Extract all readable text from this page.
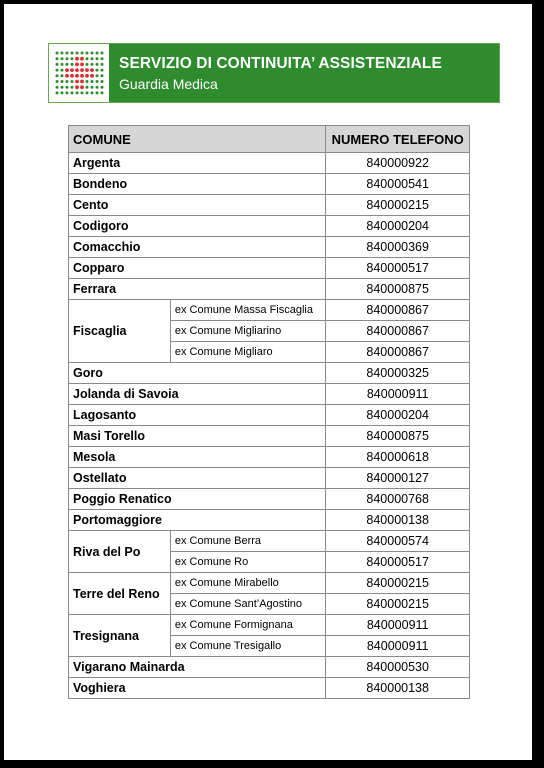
SERVIZIO DI CONTINUITA’ ASSISTENZIALE
Guardia Medica
COMUNE		NUMERO TELEFONO
Argenta		840000922
Bondeno		840000541
Cento		840000215
Codigoro		840000204
Comacchio		840000369
Copparo		840000517
Ferrara		840000875
Fiscaglia	ex Comune Massa Fiscaglia	840000867
	ex Comune Migliarino	840000867
	ex Comune Migliaro	840000867
Goro		840000325
Jolanda di Savoia		840000911
Lagosanto		840000204
Masi Torello		840000875
Mesola		840000618
Ostellato		840000127
Poggio Renatico		840000768
Portomaggiore		840000138
Riva del Po	ex Comune Berra	840000574
	ex Comune Ro	840000517
Terre del Reno	ex Comune Mirabello	840000215
	ex Comune Sant’Agostino	840000215
Tresignana	ex Comune Formignana	840000911
	ex Comune Tresigallo	840000911
Vigarano Mainarda		840000530
Voghiera		840000138
